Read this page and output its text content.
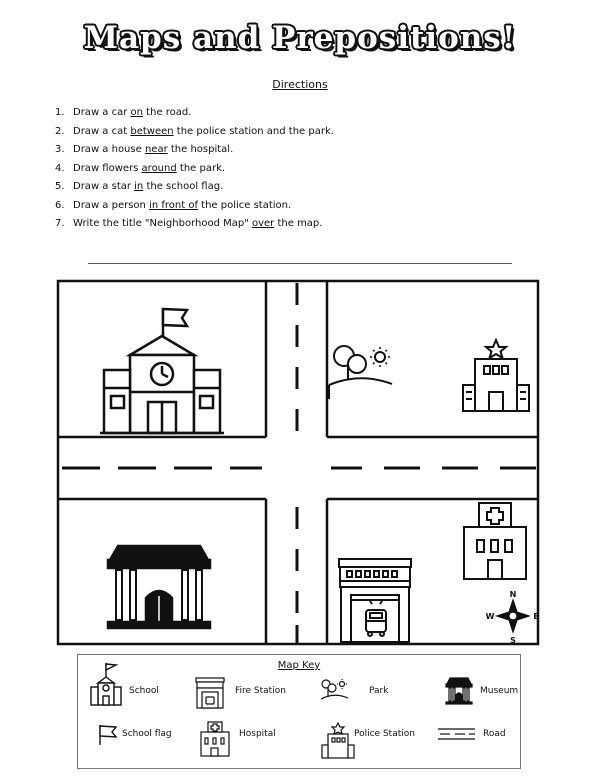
Maps and Prepositions!
Directions
1. Draw a car on the road.
2. Draw a cat between the police station and the park.
3. Draw a house near the hospital.
4. Draw flowers around the park.
5. Draw a star in the school flag.
6. Draw a person in front of the police station.
7. Write the title "Neighborhood Map" over the map.
N
S
W	E
Map Key
School	Fire Station	Park	Museum
School flag	Hospital	Police Station	Road
